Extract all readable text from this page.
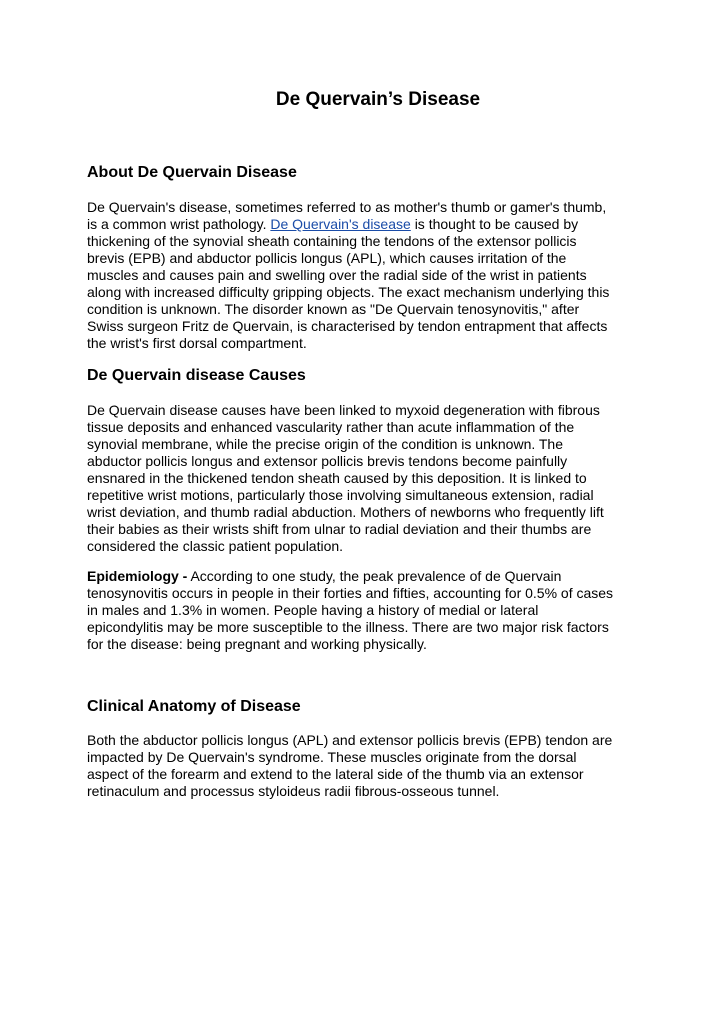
De Quervain’s Disease
About De Quervain Disease

De Quervain's disease, sometimes referred to as mother's thumb or gamer's thumb,
is a common wrist pathology. De Quervain's disease is thought to be caused by
thickening of the synovial sheath containing the tendons of the extensor pollicis
brevis (EPB) and abductor pollicis longus (APL), which causes irritation of the
muscles and causes pain and swelling over the radial side of the wrist in patients
along with increased difficulty gripping objects. The exact mechanism underlying this
condition is unknown. The disorder known as "De Quervain tenosynovitis," after
Swiss surgeon Fritz de Quervain, is characterised by tendon entrapment that affects
the wrist's first dorsal compartment.

De Quervain disease Causes

De Quervain disease causes have been linked to myxoid degeneration with fibrous
tissue deposits and enhanced vascularity rather than acute inflammation of the
synovial membrane, while the precise origin of the condition is unknown. The
abductor pollicis longus and extensor pollicis brevis tendons become painfully
ensnared in the thickened tendon sheath caused by this deposition. It is linked to
repetitive wrist motions, particularly those involving simultaneous extension, radial
wrist deviation, and thumb radial abduction. Mothers of newborns who frequently lift
their babies as their wrists shift from ulnar to radial deviation and their thumbs are
considered the classic patient population.

Epidemiology - According to one study, the peak prevalence of de Quervain
tenosynovitis occurs in people in their forties and fifties, accounting for 0.5% of cases
in males and 1.3% in women. People having a history of medial or lateral
epicondylitis may be more susceptible to the illness. There are two major risk factors
for the disease: being pregnant and working physically.

Clinical Anatomy of Disease

Both the abductor pollicis longus (APL) and extensor pollicis brevis (EPB) tendon are
impacted by De Quervain's syndrome. These muscles originate from the dorsal
aspect of the forearm and extend to the lateral side of the thumb via an extensor
retinaculum and processus styloideus radii fibrous-osseous tunnel.
